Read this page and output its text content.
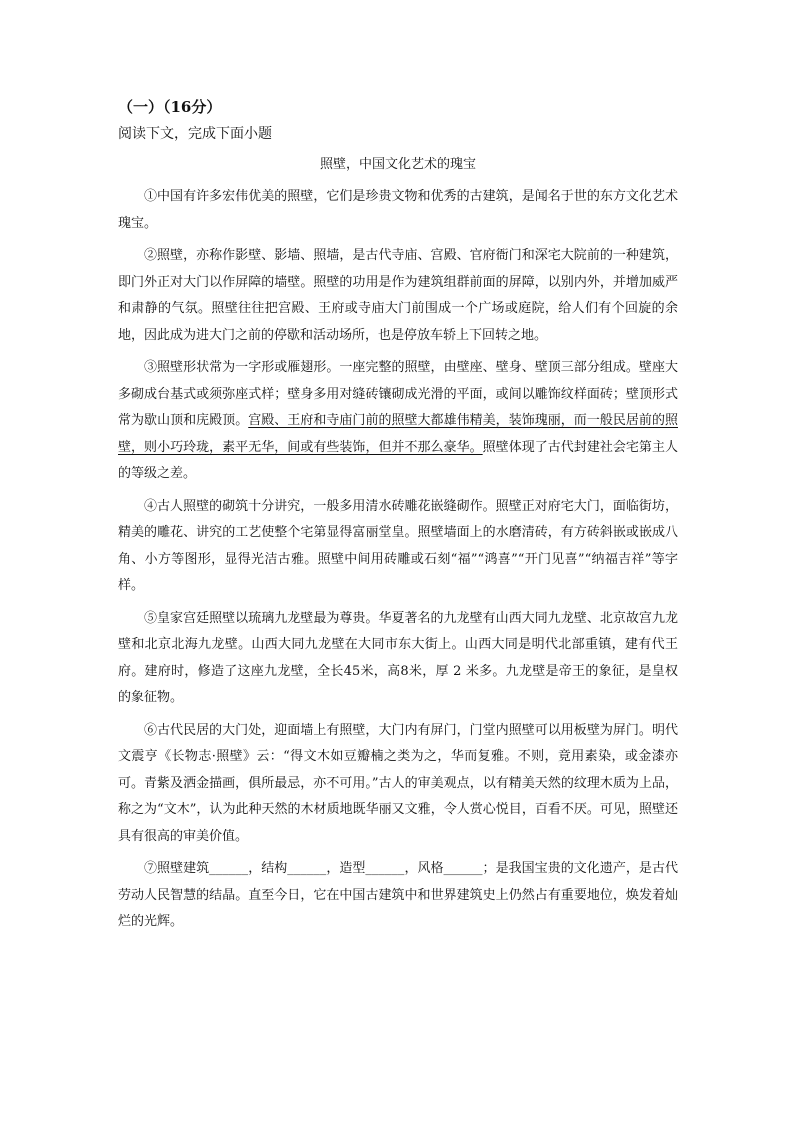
（一）（16分）

阅读下文，完成下面小题

照壁，中国文化艺术的瑰宝

①中国有许多宏伟优美的照壁，它们是珍贵文物和优秀的古建筑，是闻名于世的东方文化艺术瑰宝。

②照壁，亦称作影壁、影墙、照墙，是古代寺庙、宫殿、官府衙门和深宅大院前的一种建筑，即门外正对大门以作屏障的墙壁。照壁的功用是作为建筑组群前面的屏障，以别内外，并增加威严和肃静的气氛。照壁往往把宫殿、王府或寺庙大门前围成一个广场或庭院，给人们有个回旋的余地，因此成为进大门之前的停歇和活动场所，也是停放车轿上下回转之地。

③照壁形状常为一字形或雁翅形。一座完整的照壁，由壁座、壁身、壁顶三部分组成。壁座大多砌成台基式或须弥座式样；壁身多用对缝砖镶砌成光滑的平面，或间以雕饰纹样面砖；壁顶形式常为歇山顶和庑殿顶。宫殿、王府和寺庙门前的照壁大都雄伟精美，装饰瑰丽，而一般民居前的照壁，则小巧玲珑，素平无华，间或有些装饰，但并不那么豪华。照壁体现了古代封建社会宅第主人的等级之差。

④古人照壁的砌筑十分讲究，一般多用清水砖雕花嵌缝砌作。照壁正对府宅大门，面临街坊，精美的雕花、讲究的工艺使整个宅第显得富丽堂皇。照壁墙面上的水磨清砖，有方砖斜嵌或嵌成八角、小方等图形，显得光洁古雅。照壁中间用砖雕或石刻“福”“鸿喜”“开门见喜”“纳福吉祥”等字样。

⑤皇家宫廷照壁以琉璃九龙壁最为尊贵。华夏著名的九龙壁有山西大同九龙壁、北京故宫九龙壁和北京北海九龙壁。山西大同九龙壁在大同市东大街上。山西大同是明代北部重镇，建有代王府。建府时，修造了这座九龙壁，全长45米，高8米，厚 2 米多。九龙壁是帝王的象征，是皇权的象征物。

⑥古代民居的大门处，迎面墙上有照壁，大门内有屏门，门堂内照壁可以用板壁为屏门。明代文震亨《长物志·照壁》云：“得文木如豆瓣楠之类为之，华而复雅。不则，竟用素染，或金漆亦可。青紫及洒金描画，俱所最忌，亦不可用。”古人的审美观点，以有精美天然的纹理木质为上品，称之为“文木”，认为此种天然的木材质地既华丽又文雅，令人赏心悦目，百看不厌。可见，照壁还具有很高的审美价值。

⑦照壁建筑______，结构______，造型______，风格______；是我国宝贵的文化遗产，是古代劳动人民智慧的结晶。直至今日，它在中国古建筑中和世界建筑史上仍然占有重要地位，焕发着灿烂的光辉。
